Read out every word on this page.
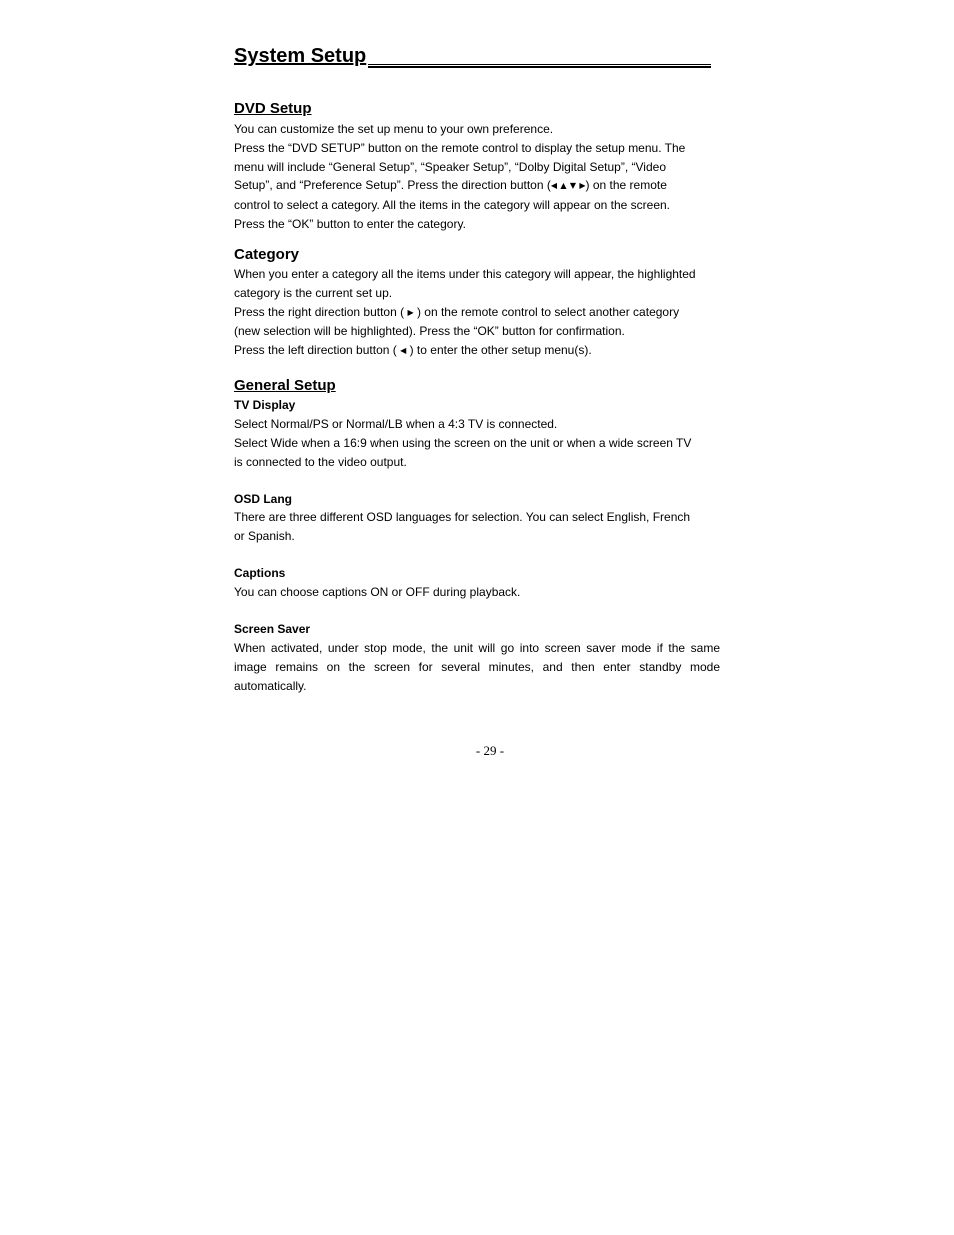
System Setup
DVD Setup
You can customize the set up menu to your own preference.
Press the “DVD SETUP” button on the remote control to display the setup menu. The
menu will include “General Setup”, “Speaker Setup”, “Dolby Digital Setup”, “Video
Setup”, and “Preference Setup”. Press the direction button (◀ ▲ ▼ ▶) on the remote
control to select a category. All the items in the category will appear on the screen.
Press the “OK” button to enter the category.
Category
When you enter a category all the items under this category will appear, the highlighted
category is the current set up.
Press the right direction button ( ▶ ) on the remote control to select another category
(new selection will be highlighted). Press the “OK” button for confirmation.
Press the left direction button ( ◀ ) to enter the other setup menu(s).
General Setup
TV Display
Select Normal/PS or Normal/LB when a 4:3 TV is connected.
Select Wide when a 16:9 when using the screen on the unit or when a wide screen TV
is connected to the video output.
OSD Lang
There are three different OSD languages for selection. You can select English, French
or Spanish.
Captions
You can choose captions ON or OFF during playback.
Screen Saver
When activated, under stop mode, the unit will go into screen saver mode if the same
image remains on the screen for several minutes, and then enter standby mode
automatically.
- 29 -
